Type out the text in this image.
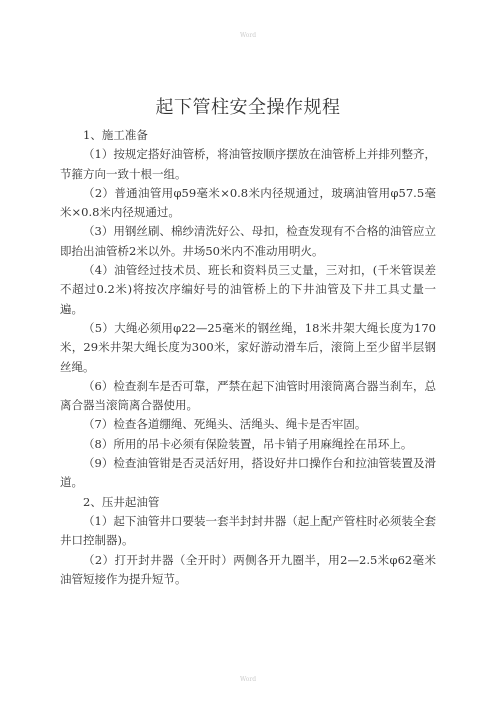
Word
起下管柱安全操作规程

1、施工准备

（1）按规定搭好油管桥，将油管按顺序摆放在油管桥上并排列整齐，节箍方向一致十根一组。

（2）普通油管用φ59毫米×0.8米内径规通过，玻璃油管用φ57.5毫米×0.8米内径规通过。

（3）用钢丝刷、棉纱清洗好公、母扣，检查发现有不合格的油管应立即抬出油管桥2米以外。井场50米内不准动用明火。

（4）油管经过技术员、班长和资料员三丈量，三对扣，(千米管误差不超过0.2米)将按次序编好号的油管桥上的下井油管及下井工具丈量一遍。

（5）大绳必须用φ22—25毫米的钢丝绳，18米井架大绳长度为170米，29米井架大绳长度为300米，家好游动滑车后，滚筒上至少留半层钢丝绳。

（6）检查刹车是否可靠，严禁在起下油管时用滚筒离合器当刹车，总离合器当滚筒离合器使用。

（7）检查各道绷绳、死绳头、活绳头、绳卡是否牢固。

（8）所用的吊卡必须有保险装置，吊卡销子用麻绳拴在吊环上。

（9）检查油管钳是否灵活好用，搭设好井口操作台和拉油管装置及滑道。

2、压井起油管

（1）起下油管井口要装一套半封封井器（起上配产管柱时必须装全套井口控制器)。

（2）打开封井器（全开时）两侧各开九圈半，用2—2.5米φ62毫米油管短接作为提升短节。

Word
